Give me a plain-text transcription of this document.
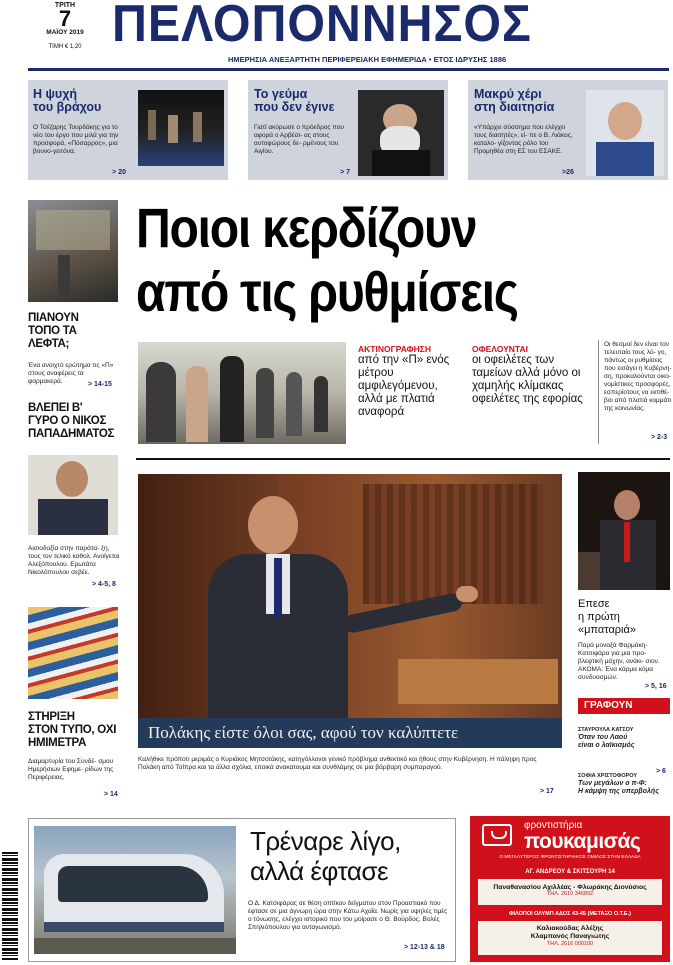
ΤΡΙΤΗ
7
ΜΑΪΟΥ 2019
ΤΙΜΗ € 1,20 ΠΕΛΟΠΟΝΝΗΣΟΣ
ΗΜΕΡΗΣΙΑ ΑΝΕΞΑΡΤΗΤΗ ΠΕΡΙΦΕΡΕΙΑΚΗ ΕΦΗΜΕΡΙΔΑ • ΕΤΟΣ ΙΔΡΥΣΗΣ 1886
Η ψυχή
του βράχου
Ο Τσέζαρης Τουρδάκης για το νέο του έργο που μιλά για την προσφορά, «Πόσαρρος», μια βουνο-γειτόνα.
> 20
Το γεύμα
που δεν έγινε
Γιατί ακύρωσε ο πρόεδρος που αφορά ο Αρβέσι- ας στους αυτοφώρους δε- ρμένους του Αιγίου.
> 7
Μακρύ χέρι
στη διαιτησία
«Υπάρχει σύσσημα που ελέγχει τους διαιτητές», εί- πε ο Β. Λιάκος, καταλο- γίζοντας ρόλο του Προμηθέα στη ΕΣ του ΕΣΑΚΕ.
>26
ΠΙΑΝΟΥΝ
ΤΟΠΟ ΤΑ
ΛΕΦΤΑ;
Ένα ανοιχτό ερώτημα τις «Π» στους αναφέρεις τα φαρμακερά.	> 14-15
ΒΛΕΠΕΙ Β'
ΓΥΡΟ Ο ΝΙΚΟΣ
ΠΑΠΑΔΗΜΑΤΟΣ
Αισιοδοξία στην παράτα- ξη, τους τον τελικό καθολ. Ανοίγεται Αλεξόπουλου. Ερωτάτα Νικολόπουλου σεβέε.
> 4-5, 8
ΣΤΗΡΙΞΗ
ΣΤΟΝ ΤΥΠΟ, ΟΧΙ
ΗΜΙΜΕΤΡΑ
Διαμαρτυρία του Συνδέ- σμου Ημερήσιων Εφημε- ρίδων της Περιφέρειας.
> 14
Ποιοι κερδίζουν
από τις ρυθμίσεις
ΑΚΤΙΝΟΓΡΑΦΗΣΗ
από την «Π» ενός μέτρου αμφιλεγόμενου, αλλά με πλατιά αναφορά
ΟΦΕΛΟΥΝΤΑΙ
οι οφειλέτες των ταμείων αλλά μόνο οι χαμηλής κλίμακας οφειλέτες της εφορίας
Οι θεσμοί δεν είναι τον τελευταίο τους λό- γο, πάντως οι ρυθμίσεις που εισάγει η Κυβέρνη- ση, προκαλούνται οικο- νομίστικες προσφορές, εσπερίοτους να εκτιθέ- βοι από πλατιά κομμάτι της κοινωνίας.
> 2-3
Πολάκης είστε όλοι σας, αφού τον καλύπτετε
Καλήθικε πρόποτι μεριμάς ο Κυριάκος Μητσοτάκης, κατηγόλλονοι γενικό πρόβλημα ανθεκτικό και ήθους στην Κυβέρνηση. Η πάληψη προς Πολάκη από Τσίπρα και τα άλλα σχόλια, εποικά ανακατουμα και συνθλάμης σε μια βάρβαρη συμπαραγού.
> 17
Επεσε
η πρώτη
«μπαταριά»
Παρά μοναξά Φαρμάκη- Κατσιφάρα για μια προ- βλεφτική μάχην, ανάκι- σιον. ΑΚΟΜΑ: Ένα κάρμα κόμα συνδυασμών.
> 5, 16
ΓΡΑΦΟΥΝ
ΣΤΑΥΡΟΥΛΑ ΚΑΤΣΟΥ
Όταν του Λαού
είναι ο λαϊκισμός
> 6
ΣΟΦΙΑ ΧΡΙΣΤΟΦΟΡΟΥ
Των μεγάλων ο π-Φ:
Η κάμψη της υπερβολής
Τρέναρε λίγο,
αλλά έφτασε
Ο Δ. Κατσιφάρας σε θέση οπτίκου δείγματου στον Προαστιακό που έφτασε σε μια άγνωρη ώρα στην Κάτω Αχαΐα. Νωρίς για υψηλές τιμές ο τόνωσης, ελέγχει ιστορικό που του μοίρασε ο Θ. Βούρδος. Βολές Σπηλιόπουλου για ανταγωνισμό.
> 12-13 & 18
φροντιστήρια
πουκαμισάς
Ο ΜΕΓΑΛΥΤΕΡΟΣ ΦΡΟΝΤΙΣΤΗΡΙΑΚΟΣ ΟΜΙΛΟΣ ΣΤΗΝ ΕΛΛΑΔΑ
ΑΓ. ΑΝΔΡΕΟΥ & ΣΚΙΤΣΟΥΡΗ 14
Παναθανασίου Αχιλλέας - Φλωράκης Διονύσιος
ΤΗΛ. 2610 346892
ΦΙΛΟΠΟΙ ΟΛΥΜΠ ΑΔΟΣ 43-45 (ΜΕΤΑΞΟ Ο.Τ.Ε.)
Καλιακούδας Αλέξης
Κλαμπανός Παναγιώτης
ΤΗΛ. 2616 000100
